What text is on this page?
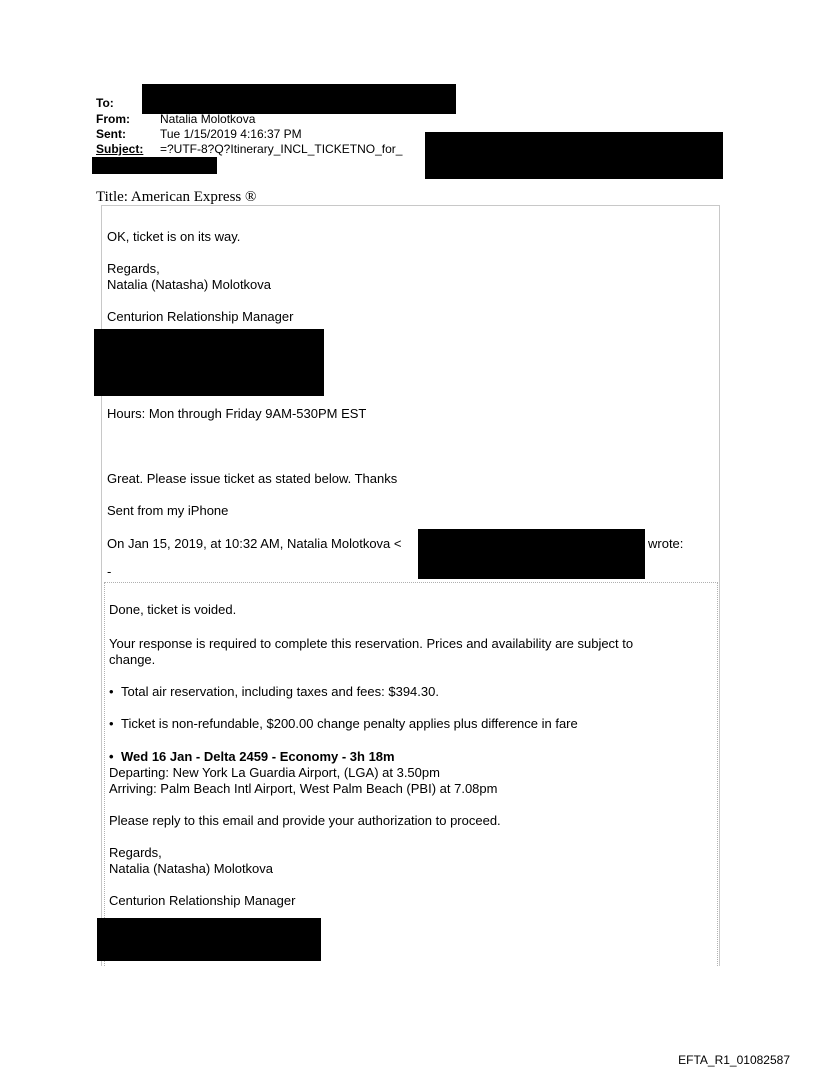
To:
From:	Natalia Molotkova
Sent:	Tue 1/15/2019 4:16:37 PM
Subject: =?UTF-8?Q?Itinerary_INCL_TICKETNO_for_
Title: American Express ®
OK, ticket is on its way.
Regards,
Natalia (Natasha) Molotkova
Centurion Relationship Manager
Hours: Mon through Friday 9AM-530PM EST
Great. Please issue ticket as stated below. Thanks
Sent from my iPhone
On Jan 15, 2019, at 10:32 AM, Natalia Molotkova <	wrote:
-
Done, ticket is voided.
Your response is required to complete this reservation. Prices and availability are subject to
change.
• Total air reservation, including taxes and fees: $394.30.
• Ticket is non-refundable, $200.00 change penalty applies plus difference in fare
• Wed 16 Jan - Delta 2459 - Economy - 3h 18m
Departing: New York La Guardia Airport, (LGA) at 3.50pm
Arriving: Palm Beach Intl Airport, West Palm Beach (PBI) at 7.08pm
Please reply to this email and provide your authorization to proceed.
Regards,
Natalia (Natasha) Molotkova
Centurion Relationship Manager
EFTA_R1_01082587
